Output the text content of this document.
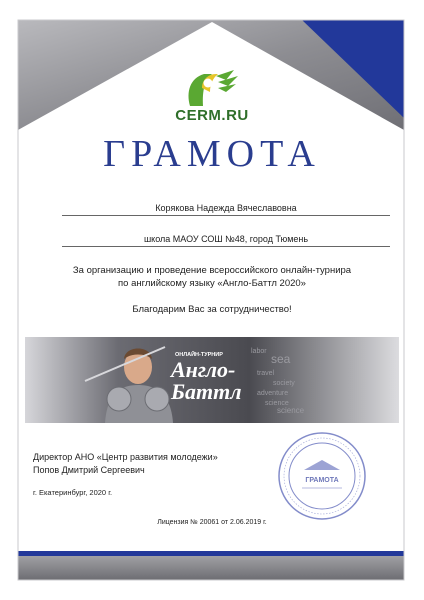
CERM.RU
ГРАМОТА
Корякова Надежда Вячеславовна
школа МАОУ СОШ №48, город Тюмень
За организацию и проведение всероссийского онлайн-турнира
по английскому языку «Англо-Баттл 2020»
Благодарим Вас за сотрудничество!
labor
sea
travel
society
adventure
science
science
ОНЛАЙН-ТУРНИР
Англо-
Баттл
Директор АНО «Центр развития молодежи»
Попов Дмитрий Сергеевич
г. Екатеринбург, 2020 г.
ГРАМОТА
Лицензия № 20061 от 2.06.2019 г.
